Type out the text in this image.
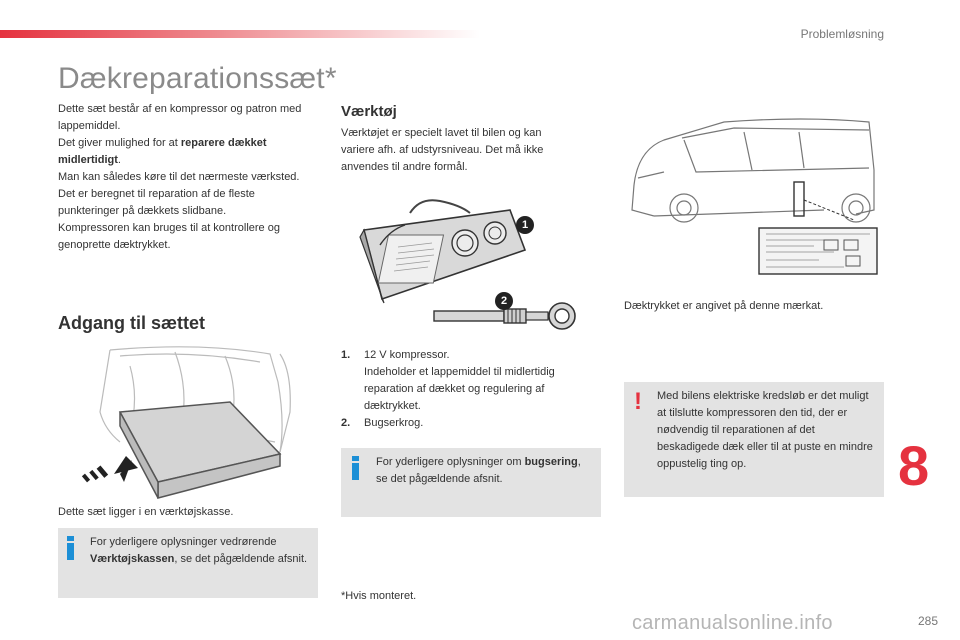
Problemløsning
Dækreparationssæt*
Dette sæt består af en kompressor og patron med lappemiddel.
Det giver mulighed for at reparere dækket midlertidigt.
Man kan således køre til det nærmeste værksted.
Det er beregnet til reparation af de fleste punkteringer på dækkets slidbane.
Kompressoren kan bruges til at kontrollere og genoprette dæktrykket.
Adgang til sættet
Dette sæt ligger i en værktøjskasse.
For yderligere oplysninger vedrørende Værktøjskassen, se det pågældende afsnit.
Værktøj
Værktøjet er specielt lavet til bilen og kan variere afh. af udstyrsniveau. Det må ikke anvendes til andre formål.
1
2
1.	12 V kompressor.
Indeholder et lappemiddel til midlertidig reparation af dækket og regulering af dæktrykket.
2.	Bugserkrog.
For yderligere oplysninger om bugsering, se det pågældende afsnit.
*Hvis monteret.
Dæktrykket er angivet på denne mærkat.
! Med bilens elektriske kredsløb er det muligt at tilslutte kompressoren den tid, der er nødvendig til reparationen af det beskadigede dæk eller til at puste en mindre oppustelig ting op.	8
285
carmanualsonline.info
